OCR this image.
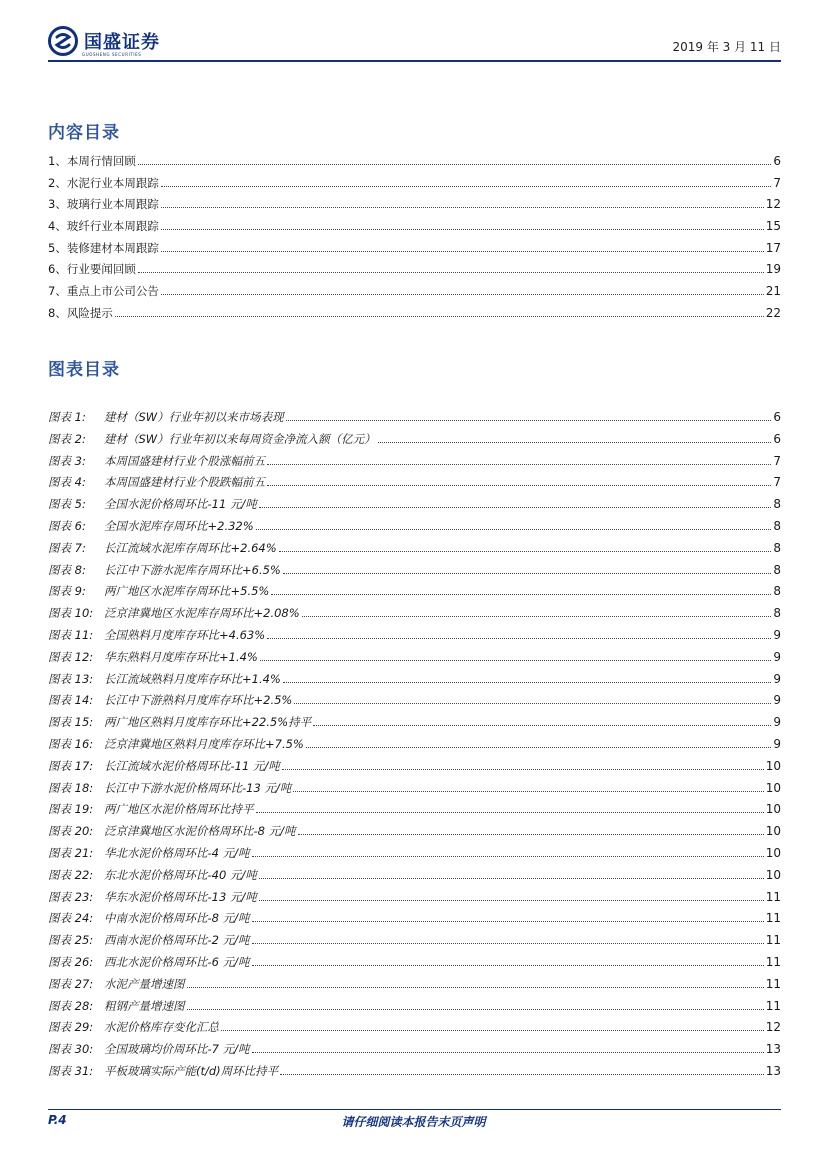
国盛证券
GUOSHENG SECURITIES
2019 年 3 月 11 日
内容目录
1、本周行情回顾	6
2、水泥行业本周跟踪	7
3、玻璃行业本周跟踪	12
4、玻纤行业本周跟踪	15
5、装修建材本周跟踪	17
6、行业要闻回顾	19
7、重点上市公司公告	21
8、风险提示	22
图表目录
图表 1:	建材（SW）行业年初以来市场表现	6
图表 2:	建材（SW）行业年初以来每周资金净流入额（亿元）	6
图表 3:	本周国盛建材行业个股涨幅前五	7
图表 4:	本周国盛建材行业个股跌幅前五	7
图表 5:	全国水泥价格周环比-11 元/吨	8
图表 6:	全国水泥库存周环比+2.32%	8
图表 7:	长江流域水泥库存周环比+2.64%	8
图表 8:	长江中下游水泥库存周环比+6.5%	8
图表 9:	两广地区水泥库存周环比+5.5%	8
图表 10: 泛京津冀地区水泥库存周环比+2.08%	8
图表 11: 全国熟料月度库存环比+4.63%	9
图表 12: 华东熟料月度库存环比+1.4%	9
图表 13: 长江流域熟料月度库存环比+1.4%	9
图表 14: 长江中下游熟料月度库存环比+2.5%	9
图表 15: 两广地区熟料月度库存环比+22.5%持平	9
图表 16: 泛京津冀地区熟料月度库存环比+7.5%	9
图表 17: 长江流域水泥价格周环比-11 元/吨	10
图表 18: 长江中下游水泥价格周环比-13 元/吨	10
图表 19: 两广地区水泥价格周环比持平	10
图表 20: 泛京津冀地区水泥价格周环比-8 元/吨	10
图表 21: 华北水泥价格周环比-4 元/吨	10
图表 22: 东北水泥价格周环比-40 元/吨	10
图表 23: 华东水泥价格周环比-13 元/吨	11
图表 24: 中南水泥价格周环比-8 元/吨	11
图表 25: 西南水泥价格周环比-2 元/吨	11
图表 26: 西北水泥价格周环比-6 元/吨	11
图表 27: 水泥产量增速图	11
图表 28: 粗钢产量增速图	11
图表 29: 水泥价格库存变化汇总	12
图表 30: 全国玻璃均价周环比-7 元/吨	13
图表 31: 平板玻璃实际产能(t/d)周环比持平	13
P.4	请仔细阅读本报告末页声明
